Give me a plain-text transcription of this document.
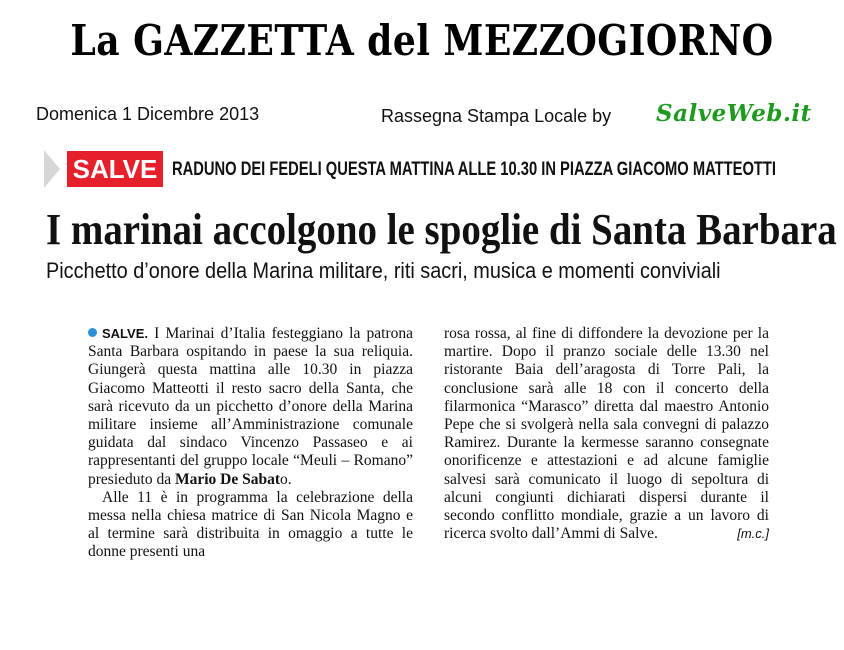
La GAZZETTA del MEZZOGIORNO
Domenica 1 Dicembre 2013	Rassegna Stampa Locale by SalveWeb.it
SALVE RADUNO DEI FEDELI QUESTA MATTINA ALLE 10.30 IN PIAZZA GIACOMO MATTEOTTI
I marinai accolgono le spoglie di Santa Barbara
Picchetto d’onore della Marina militare, riti sacri, musica e momenti conviviali

SALVE. I Marinai d’Italia festeggiano la patrona Santa Barbara ospitando in paese la sua reliquia. Giungerà questa mattina alle 10.30 in piazza Giacomo Matteotti il resto sacro della Santa, che sarà ricevuto da un picchetto d’onore della Marina militare insieme all’Amministrazione comunale guidata dal sindaco Vincenzo Passaseo e ai rappresentanti del gruppo locale “Meuli – Romano” presieduto da Mario De Sabato.

Alle 11 è in programma la celebrazione della messa nella chiesa matrice di San Nicola Magno e al termine sarà distribuita in omaggio a tutte le donne presenti una

rosa rossa, al fine di diffondere la devozione per la martire. Dopo il pranzo sociale delle 13.30 nel ristorante Baia dell’aragosta di Torre Pali, la conclusione sarà alle 18 con il concerto della filarmonica “Marasco” diretta dal maestro Antonio Pepe che si svolgerà nella sala convegni di palazzo Ramirez. Durante la kermesse saranno consegnate onorificenze e attestazioni e ad alcune famiglie salvesi sarà comunicato il luogo di sepoltura di alcuni congiunti dichiarati dispersi durante il secondo conflitto mondiale, grazie a un lavoro di ricerca svolto dall’Ammi di Salve.	[m.c.]
